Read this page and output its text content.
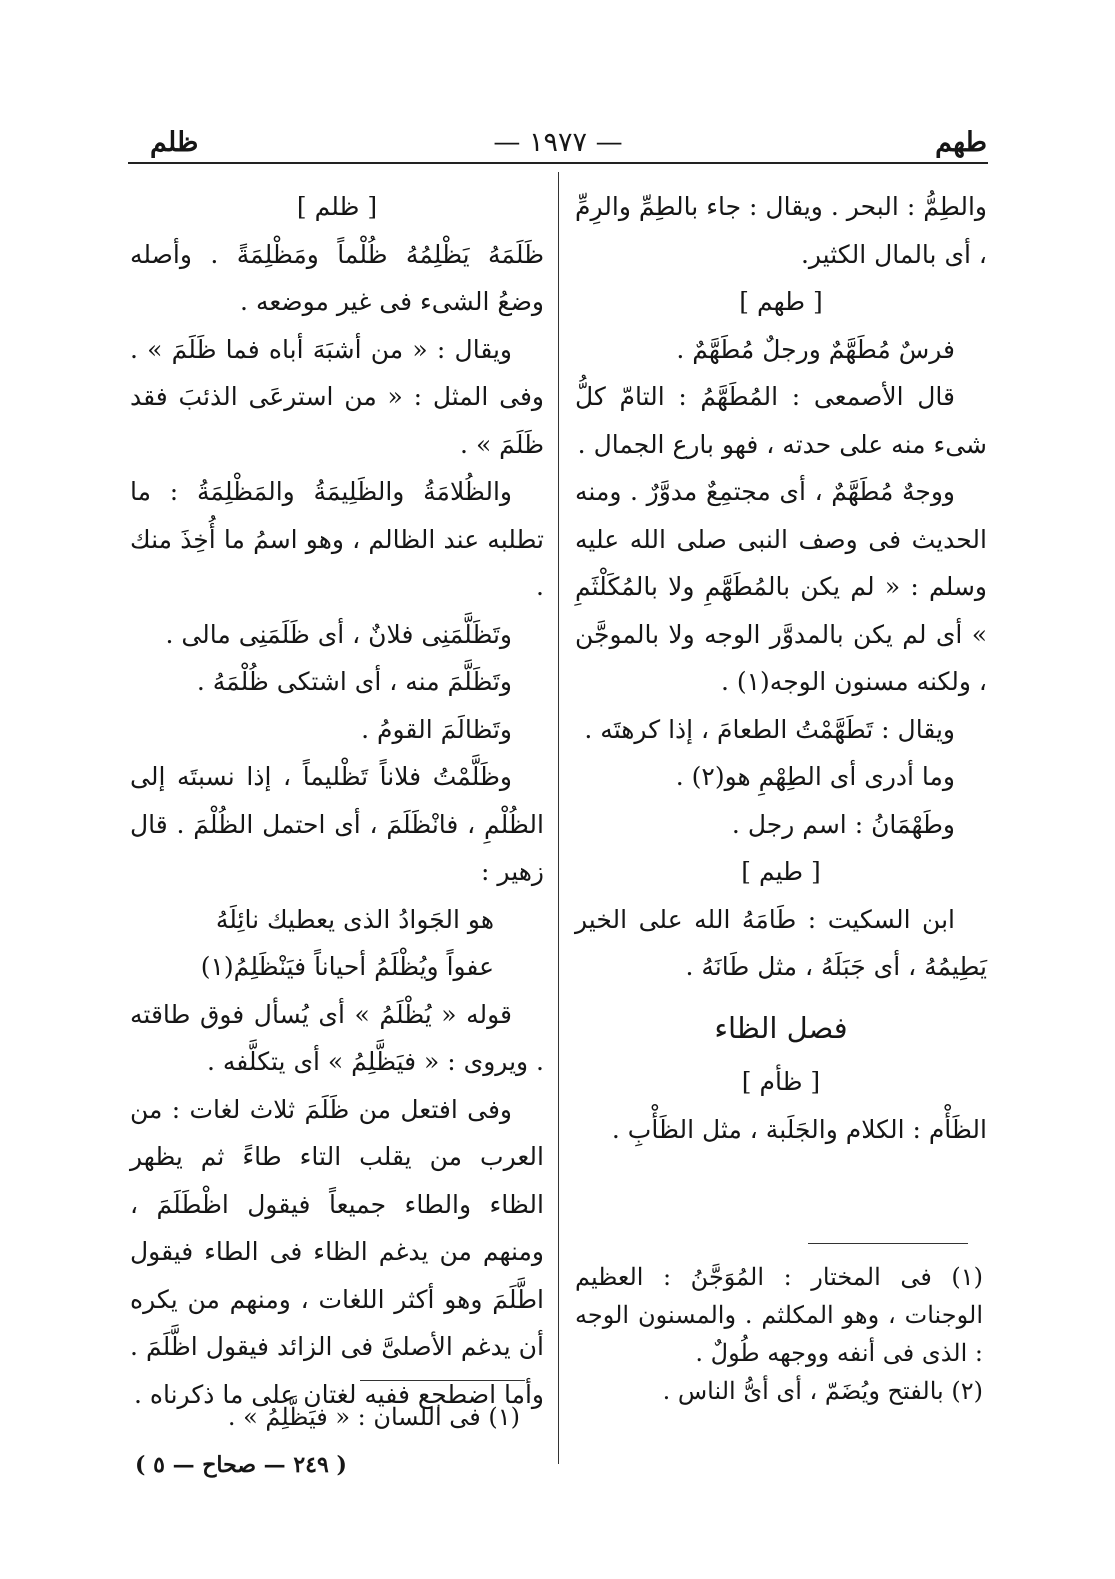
طهم
— ١٩٧٧ —
ظلم

والطِمُّ : البحر . ويقال : جاء بالطِمِّ والرِمِّ ، أى بالمال الكثير.

[ طهم ]

فرسٌ مُطَهَّمٌ ورجلٌ مُطَهَّمٌ .

قال الأصمعى : المُطَهَّمُ : التامّ كلُّ شىء منه على حدته ، فهو بارع الجمال .

ووجهٌ مُطَهَّمٌ ، أى مجتمِعٌ مدوَّرٌ . ومنه الحديث فى وصف النبى صلى الله عليه وسلم : « لم يكن بالمُطَهَّمِ ولا بالمُكَلْثَمِ » أى لم يكن بالمدوَّر الوجه ولا بالموجَّن ، ولكنه مسنون الوجه(١) .

ويقال : تَطَهَّمْتُ الطعامَ ، إذا كرهتَه .

وما أدرى أى الطِهْمِ هو(٢) .

وطَهْمَانُ : اسم رجل .

[ طيم ]

ابن السكيت : طَامَهُ الله على الخير يَطِيمُهُ ، أى جَبَلَهُ ، مثل طَانَهُ .

فصل الظاء

[ ظأم ]

الظَأْم : الكلام والجَلَبة ، مثل الظَأْبِ .

(١) فى المختار : المُوَجَّنُ : العظيم الوجنات ، وهو المكلثم . والمسنون الوجه : الذى فى أنفه ووجهه طُولٌ .

(٢) بالفتح ويُضَمّ ، أى أىُّ الناس .

[ ظلم ]

ظَلَمَهُ يَظْلِمُهُ ظُلْماً ومَظْلِمَةً . وأصله وضعُ الشىء فى غير موضعه .

ويقال : « من أشبَهَ أباه فما ظَلَمَ » . وفى المثل : « من استرعَى الذئبَ فقد ظَلَمَ » .

والظُلامَةُ والظَلِيمَةُ والمَظْلِمَةُ : ما تطلبه عند الظالم ، وهو اسمُ ما أُخِذَ منك .

وتَظَلَّمَنِى فلانٌ ، أى ظَلَمَنِى مالى .

وتَظَلَّمَ منه ، أى اشتكى ظُلْمَهُ .

وتَظالَمَ القومُ .

وظَلَّمْتُ فلاناً تَظْليماً ، إذا نسبتَه إلى الظُلْمِ ، فانْظَلَمَ ، أى احتمل الظُلْمَ . قال زهير :

هو الجَوادُ الذى يعطيك نائِلَهُ

عفواً ويُظْلَمُ أحياناً فيَنْظَلِمُ(١)

قوله « يُظْلَمُ » أى يُسأل فوق طاقته . ويروى : « فيَظَّلِمُ » أى يتكلَّفه .

وفى افتعل من ظَلَمَ ثلاث لغات : من العرب من يقلب التاء طاءً ثم يظهر الظاء والطاء جميعاً فيقول اظْطَلَمَ ، ومنهم من يدغم الظاء فى الطاء فيقول اطَّلَمَ وهو أكثر اللغات ، ومنهم من يكره أن يدغم الأصلىَّ فى الزائد فيقول اظَّلَمَ . وأما اضطجع ففيه لغتان على ما ذكرناه .

(١) فى اللسان : « فيَظَّلِمُ » .

( ٢٤٩ — صحاح — ٥ )
